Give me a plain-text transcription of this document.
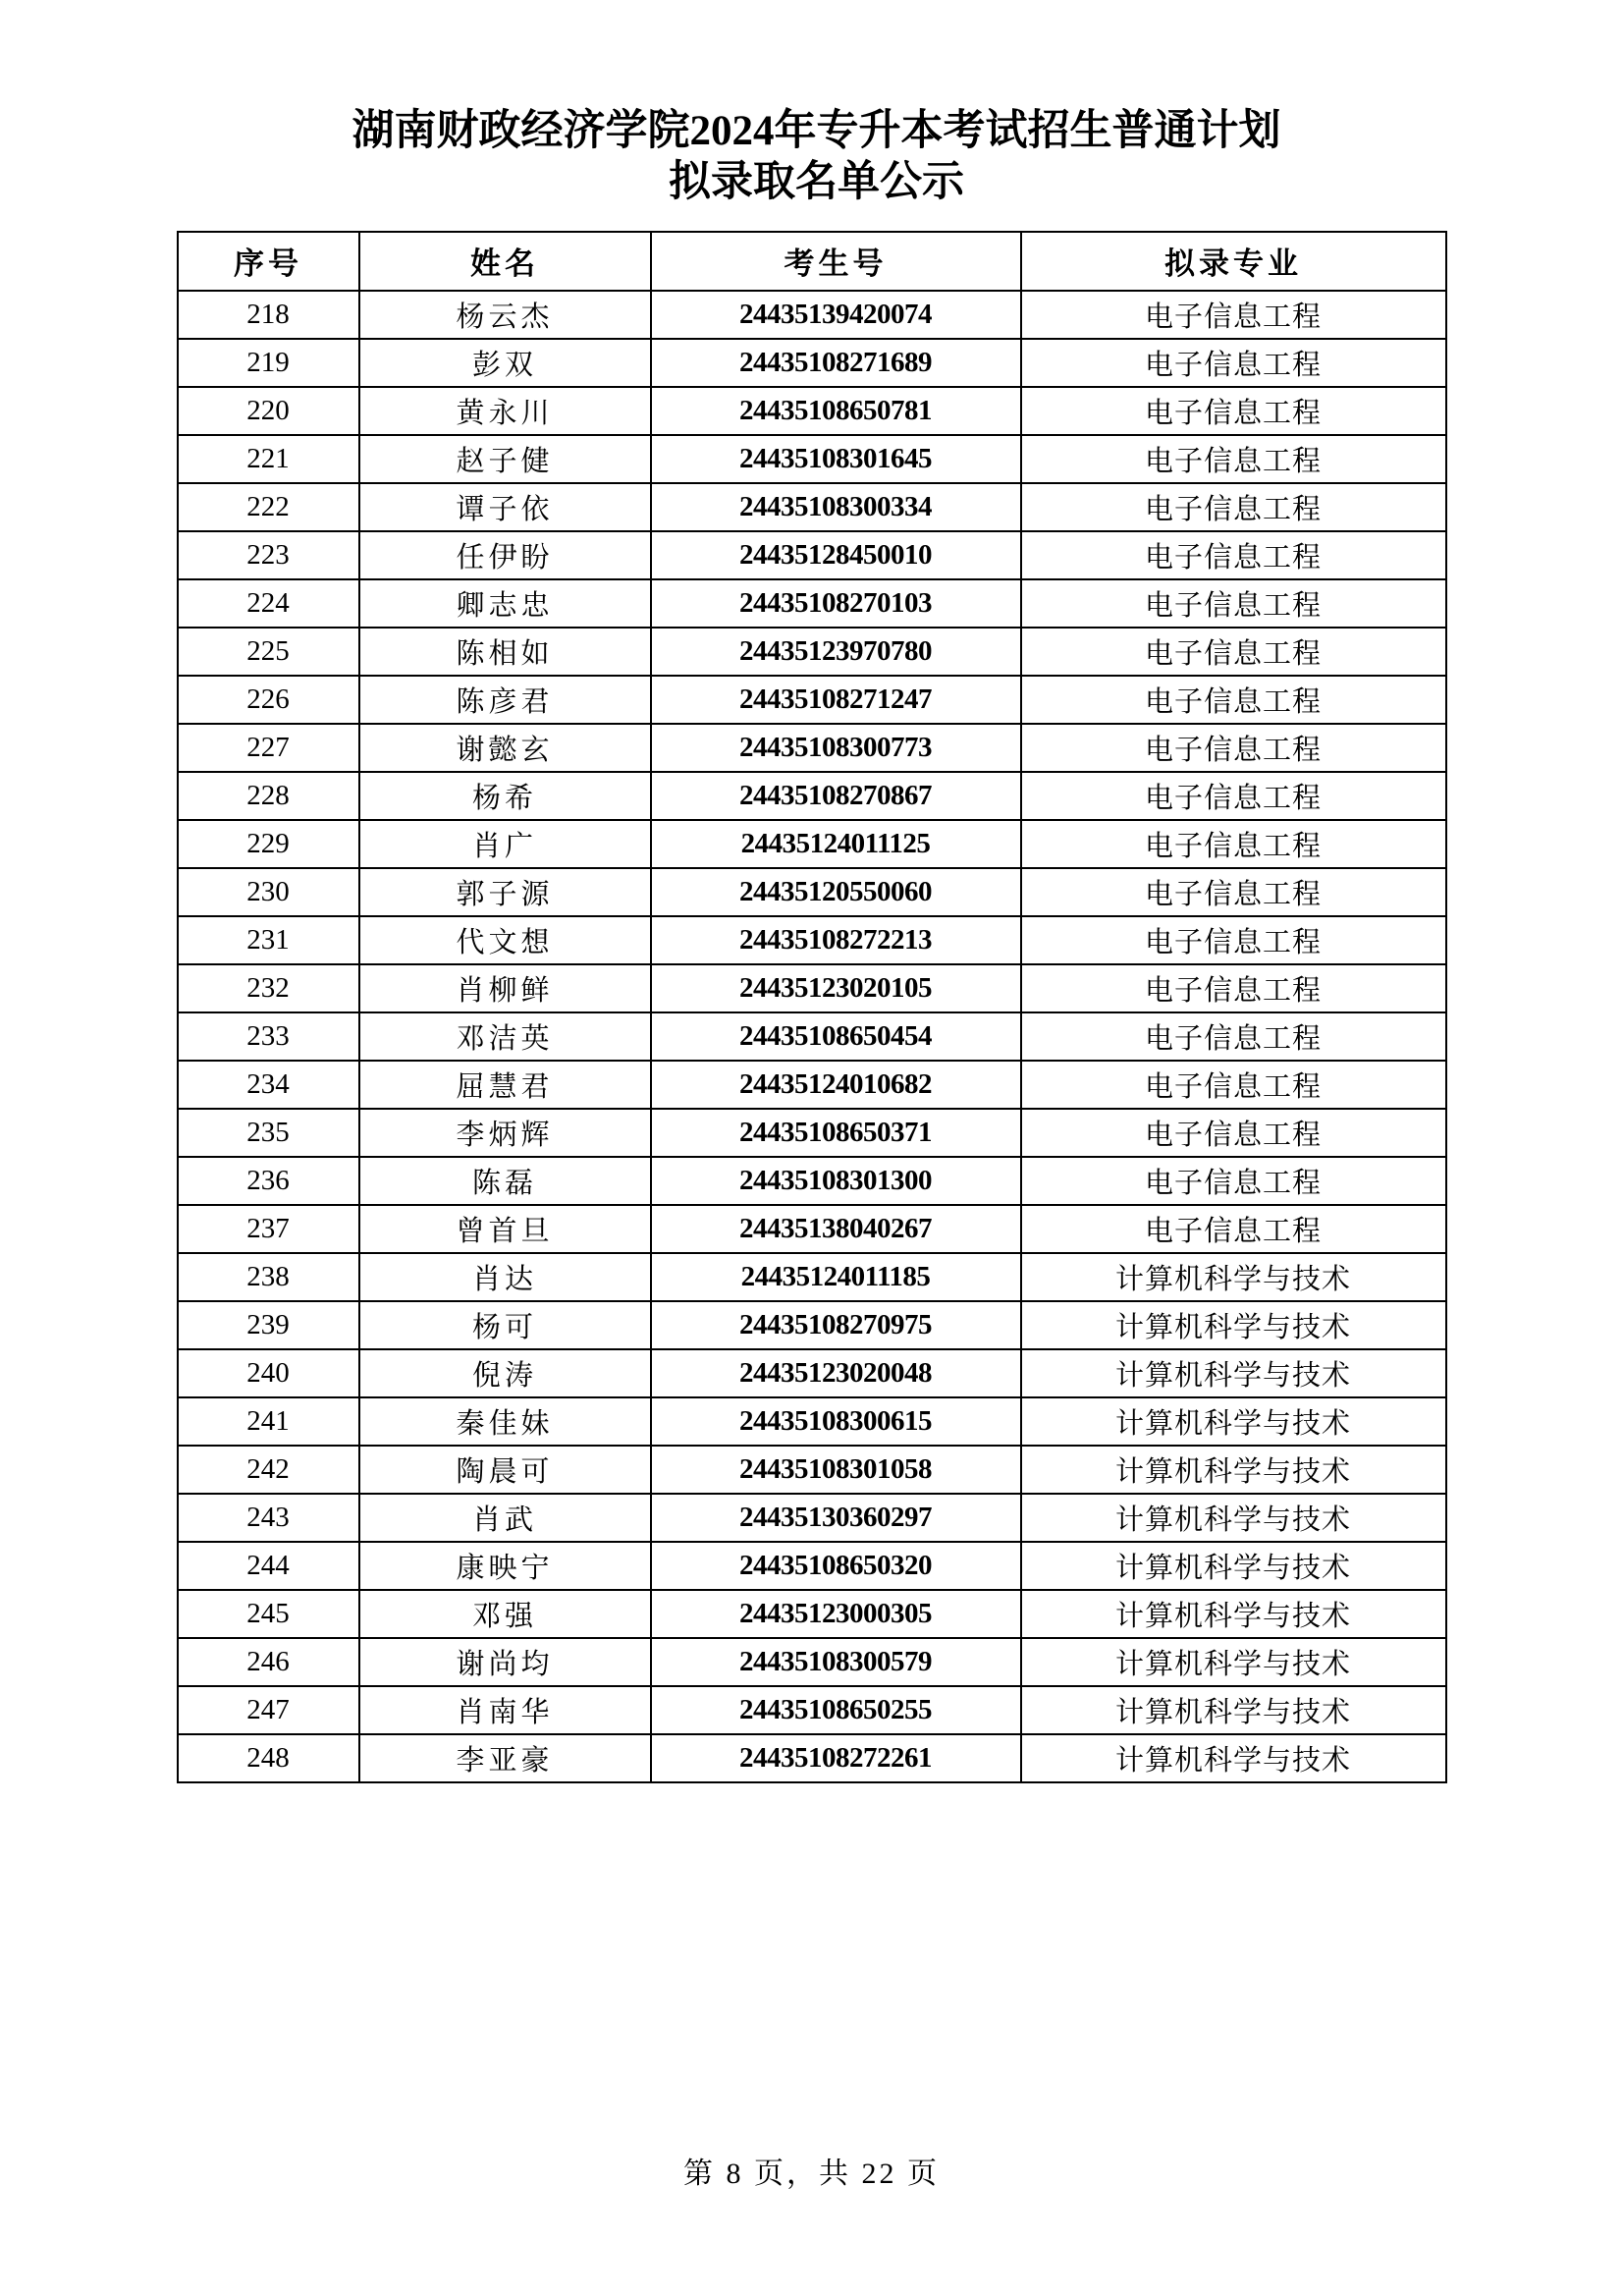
湖南财政经济学院2024年专升本考试招生普通计划
拟录取名单公示
序号	姓名	考生号	拟录专业
218	杨云杰	24435139420074	电子信息工程
219	彭双	24435108271689	电子信息工程
220	黄永川	24435108650781	电子信息工程
221	赵子健	24435108301645	电子信息工程
222	谭子依	24435108300334	电子信息工程
223	任伊盼	24435128450010	电子信息工程
224	卿志忠	24435108270103	电子信息工程
225	陈相如	24435123970780	电子信息工程
226	陈彦君	24435108271247	电子信息工程
227	谢懿玄	24435108300773	电子信息工程
228	杨希	24435108270867	电子信息工程
229	肖广	24435124011125	电子信息工程
230	郭子源	24435120550060	电子信息工程
231	代文想	24435108272213	电子信息工程
232	肖柳鲜	24435123020105	电子信息工程
233	邓洁英	24435108650454	电子信息工程
234	屈慧君	24435124010682	电子信息工程
235	李炳辉	24435108650371	电子信息工程
236	陈磊	24435108301300	电子信息工程
237	曾首旦	24435138040267	电子信息工程
238	肖达	24435124011185	计算机科学与技术
239	杨可	24435108270975	计算机科学与技术
240	倪涛	24435123020048	计算机科学与技术
241	秦佳妹	24435108300615	计算机科学与技术
242	陶晨可	24435108301058	计算机科学与技术
243	肖武	24435130360297	计算机科学与技术
244	康映宁	24435108650320	计算机科学与技术
245	邓强	24435123000305	计算机科学与技术
246	谢尚均	24435108300579	计算机科学与技术
247	肖南华	24435108650255	计算机科学与技术
248	李亚豪	24435108272261	计算机科学与技术
第 8 页，共 22 页
